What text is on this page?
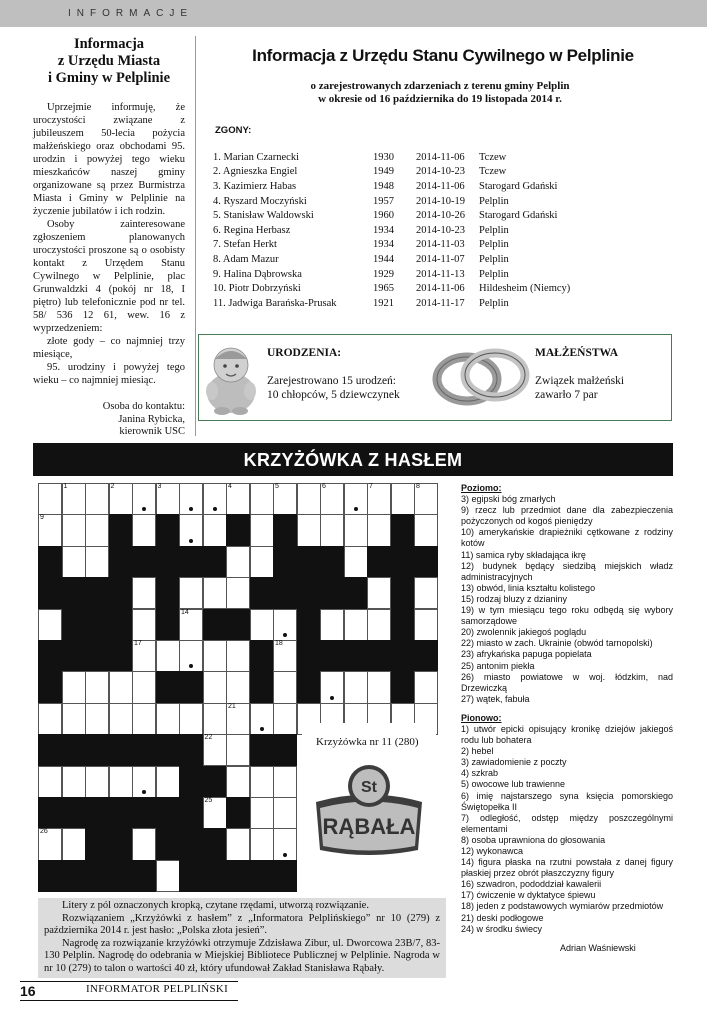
INFORMACJE
Informacja
z Urzędu Miasta
i Gminy w Pelplinie

Uprzejmie informuję, że uroczystości związane z jubileuszem 50-lecia pożycia małżeńskiego oraz obchodami 95. urodzin i powyżej tego wieku mieszkańców naszej gminy organizowane są przez Burmistrza Miasta i Gminy w Pelplinie na życzenie jubilatów i ich rodzin.

Osoby zainteresowane zgłoszeniem planowanych uroczystości proszone są o osobisty kontakt z Urzędem Stanu Cywilnego w Pelplinie, plac Grunwaldzki 4 (pokój nr 18, I piętro) lub telefonicznie pod nr tel. 58/ 536 12 61, wew. 16 z wyprzedzeniem:

złote gody – co najmniej trzy miesiące,

95. urodziny i powyżej tego wieku – co najmniej miesiąc.

Osoba do kontaktu:
Janina Rybicka,
kierownik USC
Informacja z Urzędu Stanu Cywilnego w Pelplinie
o zarejestrowanych zdarzeniach z terenu gminy Pelplin
w okresie od 16 października do 19 listopada 2014 r.
ZGONY:
1. Marian Czarnecki	1930	2014-11-06	Tczew
2. Agnieszka Engiel	1949	2014-10-23	Tczew
3. Kazimierz Habas	1948	2014-11-06	Starogard Gdański
4. Ryszard Moczyński	1957	2014-10-19	Pelplin
5. Stanisław Waldowski	1960	2014-10-26	Starogard Gdański
6. Regina Herbasz	1934	2014-10-23	Pelplin
7. Stefan Herkt	1934	2014-11-03	Pelplin
8. Adam Mazur	1944	2014-11-07	Pelplin
9. Halina Dąbrowska	1929	2014-11-13	Pelplin
10. Piotr Dobrzyński	1965	2014-11-06	Hildesheim (Niemcy)
11. Jadwiga Barańska-Prusak	1921	2014-11-17	Pelplin
URODZENIA:
Zarejestrowano 15 urodzeń:
10 chłopców, 5 dziewczynek
MAŁŻEŃSTWA
Związek małżeński
zawarło 7 par
KRZYŻÓWKA Z HASŁEM
1	2	3	4	5	6	7	8
9
14
17	18
21
22
25
26
Krzyżówka nr 11 (280)
St
RĄBAŁA
Poziomo:
3) egipski bóg zmarłych
9) rzecz lub przedmiot dane dla zabezpieczenia pożyczonych od kogoś pieniędzy
10) amerykańskie drapieżniki cętkowane z rodziny kotów
11) samica ryby składająca ikrę
12) budynek będący siedzibą miejskich władz administracyjnych
13) obwód, linia kształtu kolistego
15) rodzaj bluzy z dzianiny
19) w tym miesiącu tego roku odbędą się wybory samorządowe
20) zwolennik jakiegoś poglądu
22) miasto w zach. Ukrainie (obwód tarnopolski)
23) afrykańska papuga popielata
25) antonim piekła
26) miasto powiatowe w woj. łódzkim, nad Drzewiczką
27) wątek, fabuła
Pionowo:
1) utwór epicki opisujący kronikę dziejów jakiegoś rodu lub bohatera
2) hebel
3) zawiadomienie z poczty
4) szkrab
5) owocowe lub trawienne
6) imię najstarszego syna księcia pomorskiego Świętopełka II
7) odległość, odstęp między poszczególnymi elementami
8) osoba uprawniona do głosowania
12) wykonawca
14) figura płaska na rzutni powstała z danej figury płaskiej przez obrót płaszczyzny figury
16) szwadron, pododdział kawalerii
17) ćwiczenie w dyktatyce śpiewu
18) jeden z podstawowych wymiarów przedmiotów
21) deski podłogowe
24) w środku świecy
Adrian Waśniewski

Litery z pól oznaczonych kropką, czytane rzędami, utworzą rozwiązanie.

Rozwiązaniem „Krzyżówki z hasłem” z „Informatora Pelplińskiego” nr 10 (279) z października 2014 r. jest hasło: „Polska złota jesień”.

Nagrodę za rozwiązanie krzyżówki otrzymuje Zdzisława Zibur, ul. Dworcowa 23B/7, 83-130 Pelplin. Nagrodę do odebrania w Miejskiej Bibliotece Publicznej w Pelplinie. Nagroda w nr 10 (279) to talon o wartości 40 zł, który ufundował Zakład Stanisława Rąbały.

16	INFORMATOR PELPLIŃSKI
